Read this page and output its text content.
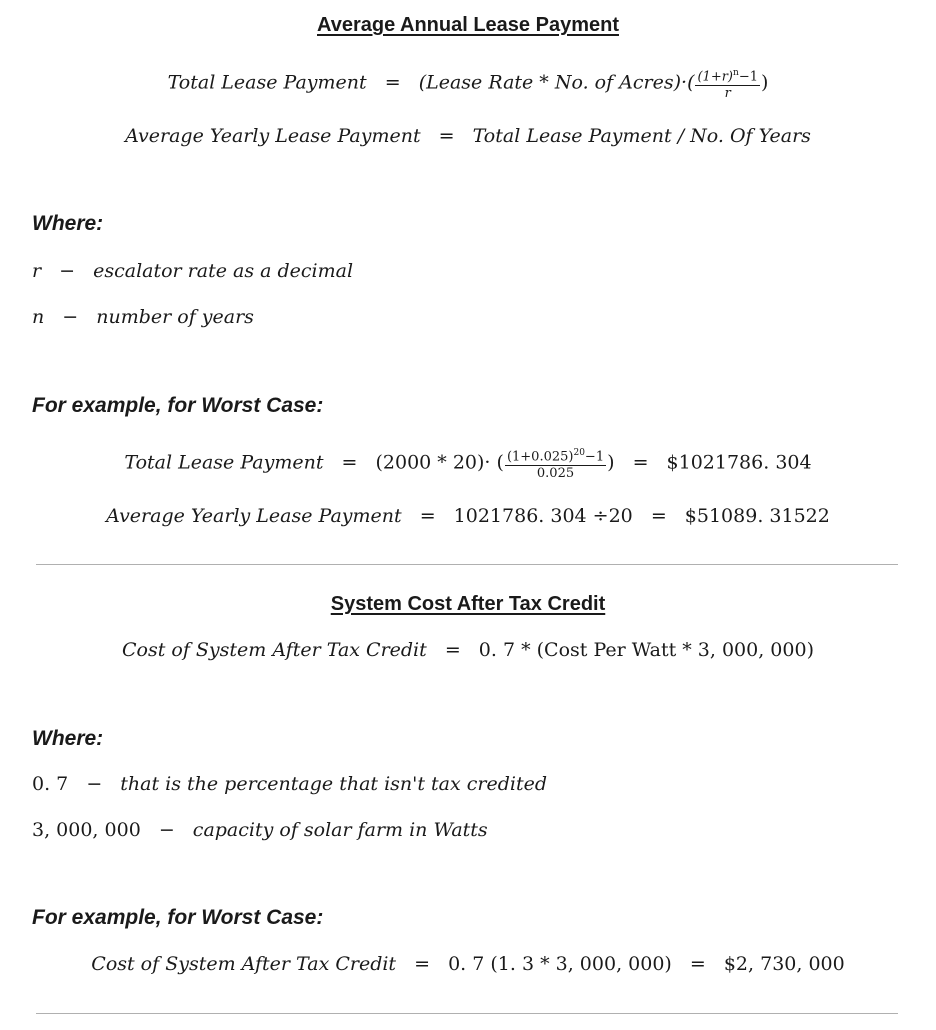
Average Annual Lease Payment
Total Lease Payment = (Lease Rate * No. of Acres)·( $\frac{(1+r)^n-1}{r}$ )
Average Yearly Lease Payment = Total Lease Payment / No. Of Years
Where:
r − escalator rate as a decimal
n − number of years
For example, for Worst Case:
Total Lease Payment = (2000 * 20)· ( $\frac{(1+0.025)^{20}-1}{0.025}$ ) = $1021786. 304
Average Yearly Lease Payment = 1021786. 304 ÷20 = $51089. 31522
System Cost After Tax Credit
Cost of System After Tax Credit = 0. 7 * (Cost Per Watt * 3, 000, 000)
Where:
0. 7 − that is the percentage that isn't tax credited
3, 000, 000 − capacity of solar farm in Watts
For example, for Worst Case:
Cost of System After Tax Credit = 0. 7 (1. 3 * 3, 000, 000) = $2, 730, 000
